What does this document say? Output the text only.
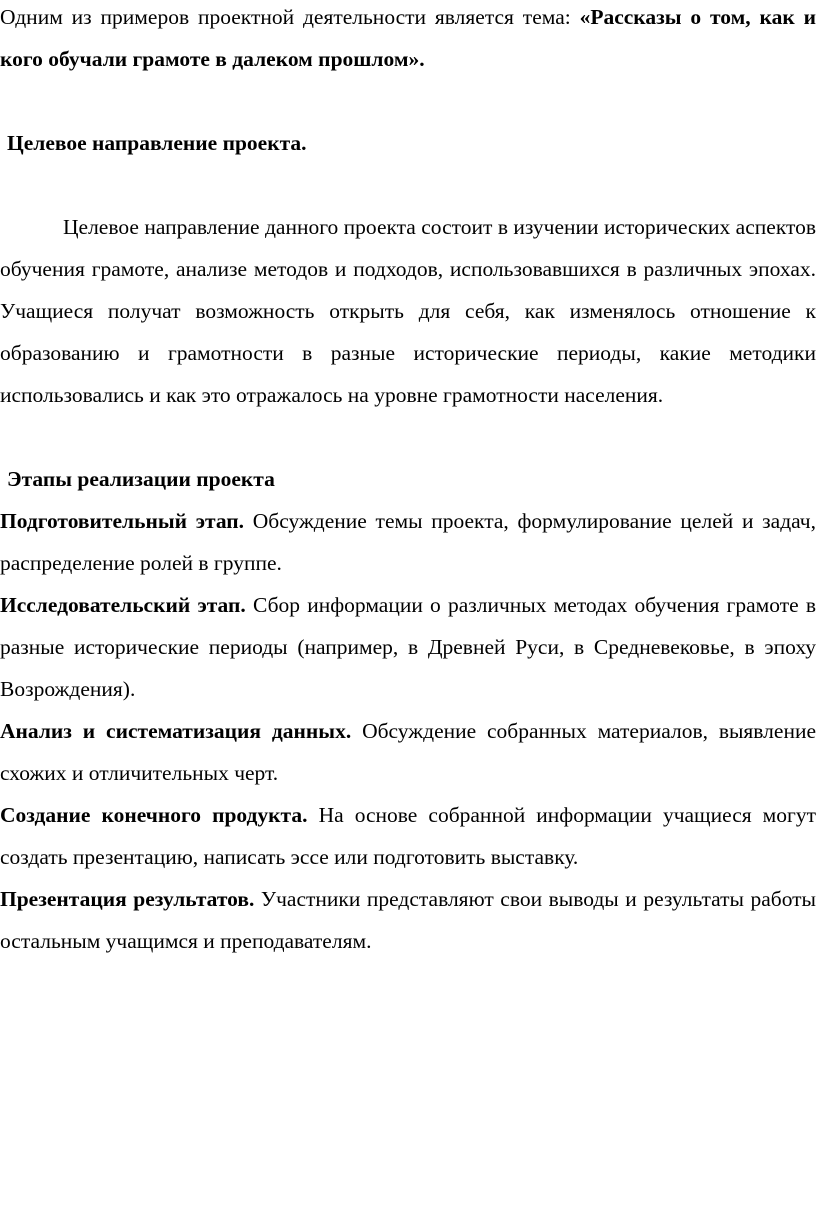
Одним из примеров проектной деятельности является тема: «Рассказы о том, как и кого обучали грамоте в далеком прошлом».

Целевое направление проекта.

Целевое направление данного проекта состоит в изучении исторических аспектов обучения грамоте, анализе методов и подходов, использовавшихся в различных эпохах. Учащиеся получат возможность открыть для себя, как изменялось отношение к образованию и грамотности в разные исторические периоды, какие методики использовались и как это отражалось на уровне грамотности населения.

Этапы реализации проекта

Подготовительный этап. Обсуждение темы проекта, формулирование целей и задач, распределение ролей в группе.

Исследовательский этап. Сбор информации о различных методах обучения грамоте в разные исторические периоды (например, в Древней Руси, в Средневековье, в эпоху Возрождения).

Анализ и систематизация данных. Обсуждение собранных материалов, выявление схожих и отличительных черт.

Создание конечного продукта. На основе собранной информации учащиеся могут создать презентацию, написать эссе или подготовить выставку.

Презентация результатов. Участники представляют свои выводы и результаты работы остальным учащимся и преподавателям.
